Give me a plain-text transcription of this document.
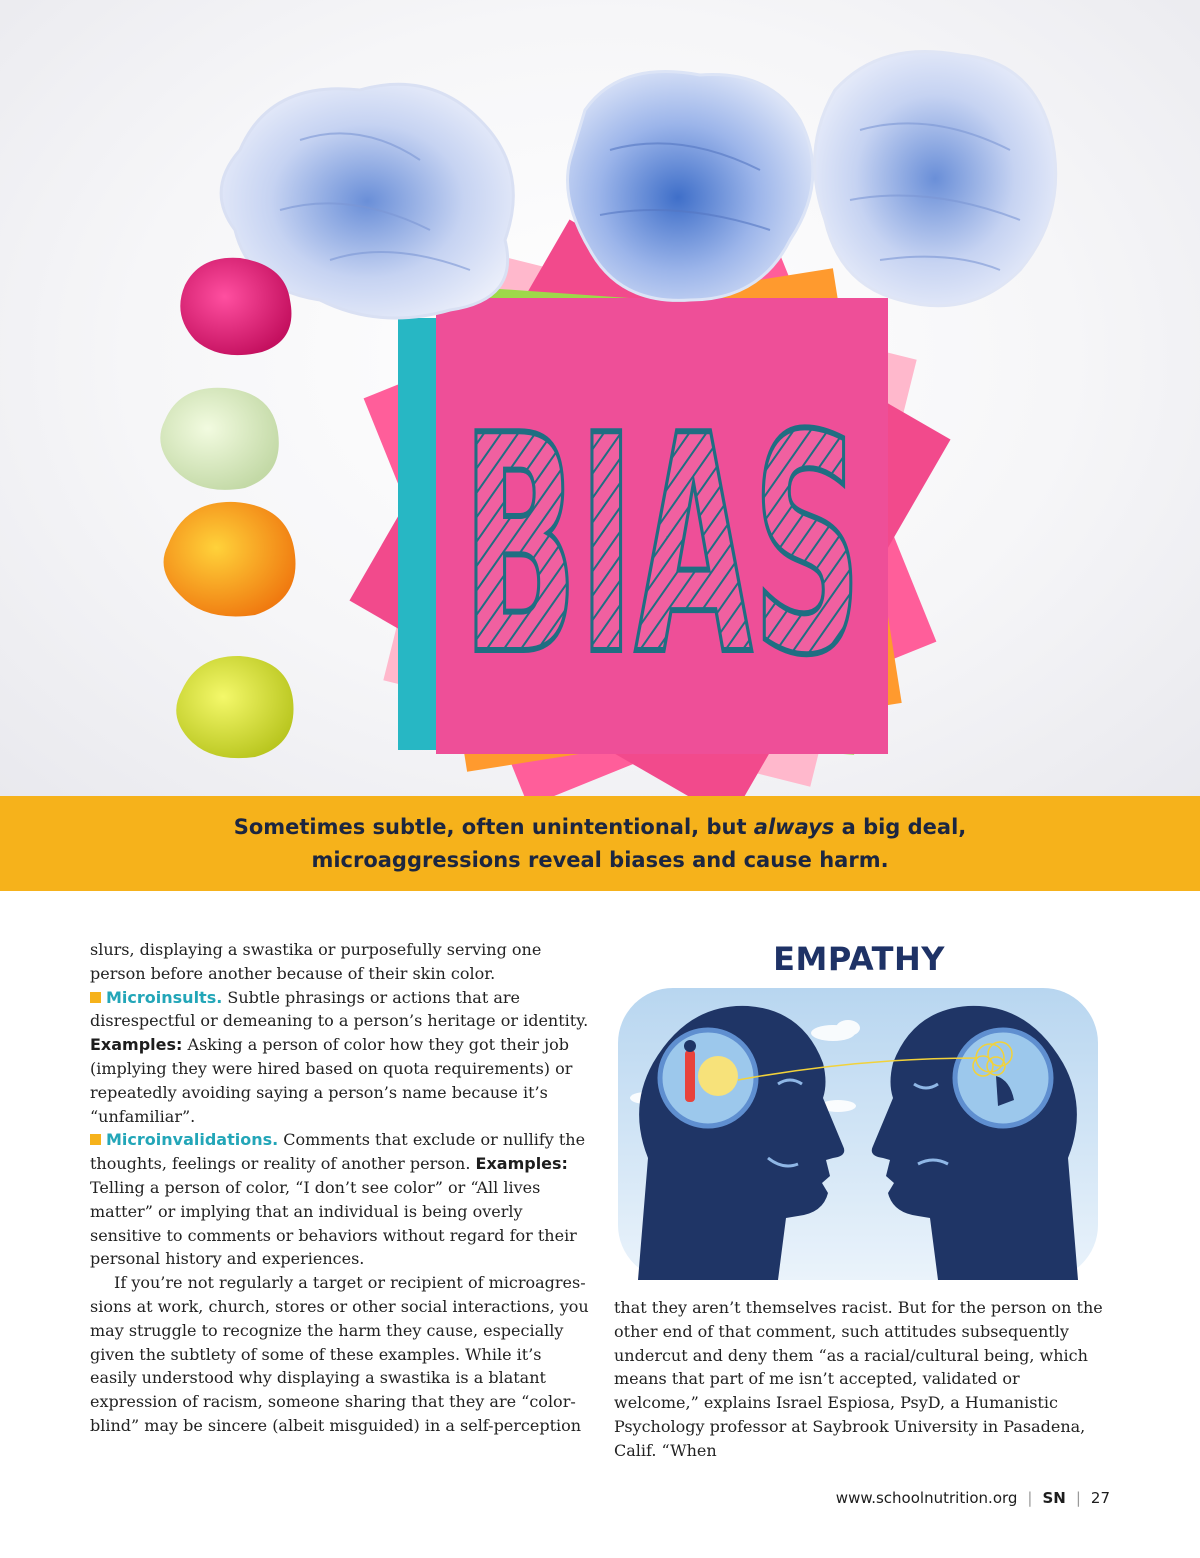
BIAS

Sometimes subtle, often unintentional, but always a big deal,

microaggressions reveal biases and cause harm.

slurs, displaying a swastika or purposefully serving one person before another because of their skin color.

Microinsults. Subtle phrasings or actions that are disrespectful or demeaning to a person’s heritage or identity. Examples: Asking a person of color how they got their job (implying they were hired based on quota requirements) or repeatedly avoiding saying a person’s name because it’s “unfamiliar”.

Microinvalidations. Comments that exclude or nullify the thoughts, feelings or reality of another person. Examples: Telling a person of color, “I don’t see color” or “All lives matter” or implying that an individual is being overly sensitive to comments or behaviors without regard for their personal history and experiences.

If you’re not regularly a target or recipient of microagres-sions at work, church, stores or other social interactions, you may struggle to recognize the harm they cause, especially given the subtlety of some of these examples. While it’s easily understood why displaying a swastika is a blatant expression of racism, someone sharing that they are “color-blind” may be sincere (albeit misguided) in a self-perception

EMPATHY

that they aren’t themselves racist. But for the person on the other end of that comment, such attitudes subsequently undercut and deny them “as a racial/cultural being, which means that part of me isn’t accepted, validated or welcome,” explains Israel Espiosa, PsyD, a Humanistic Psychology professor at Saybrook University in Pasadena, Calif. “When

www.schoolnutrition.org | SN | 27
